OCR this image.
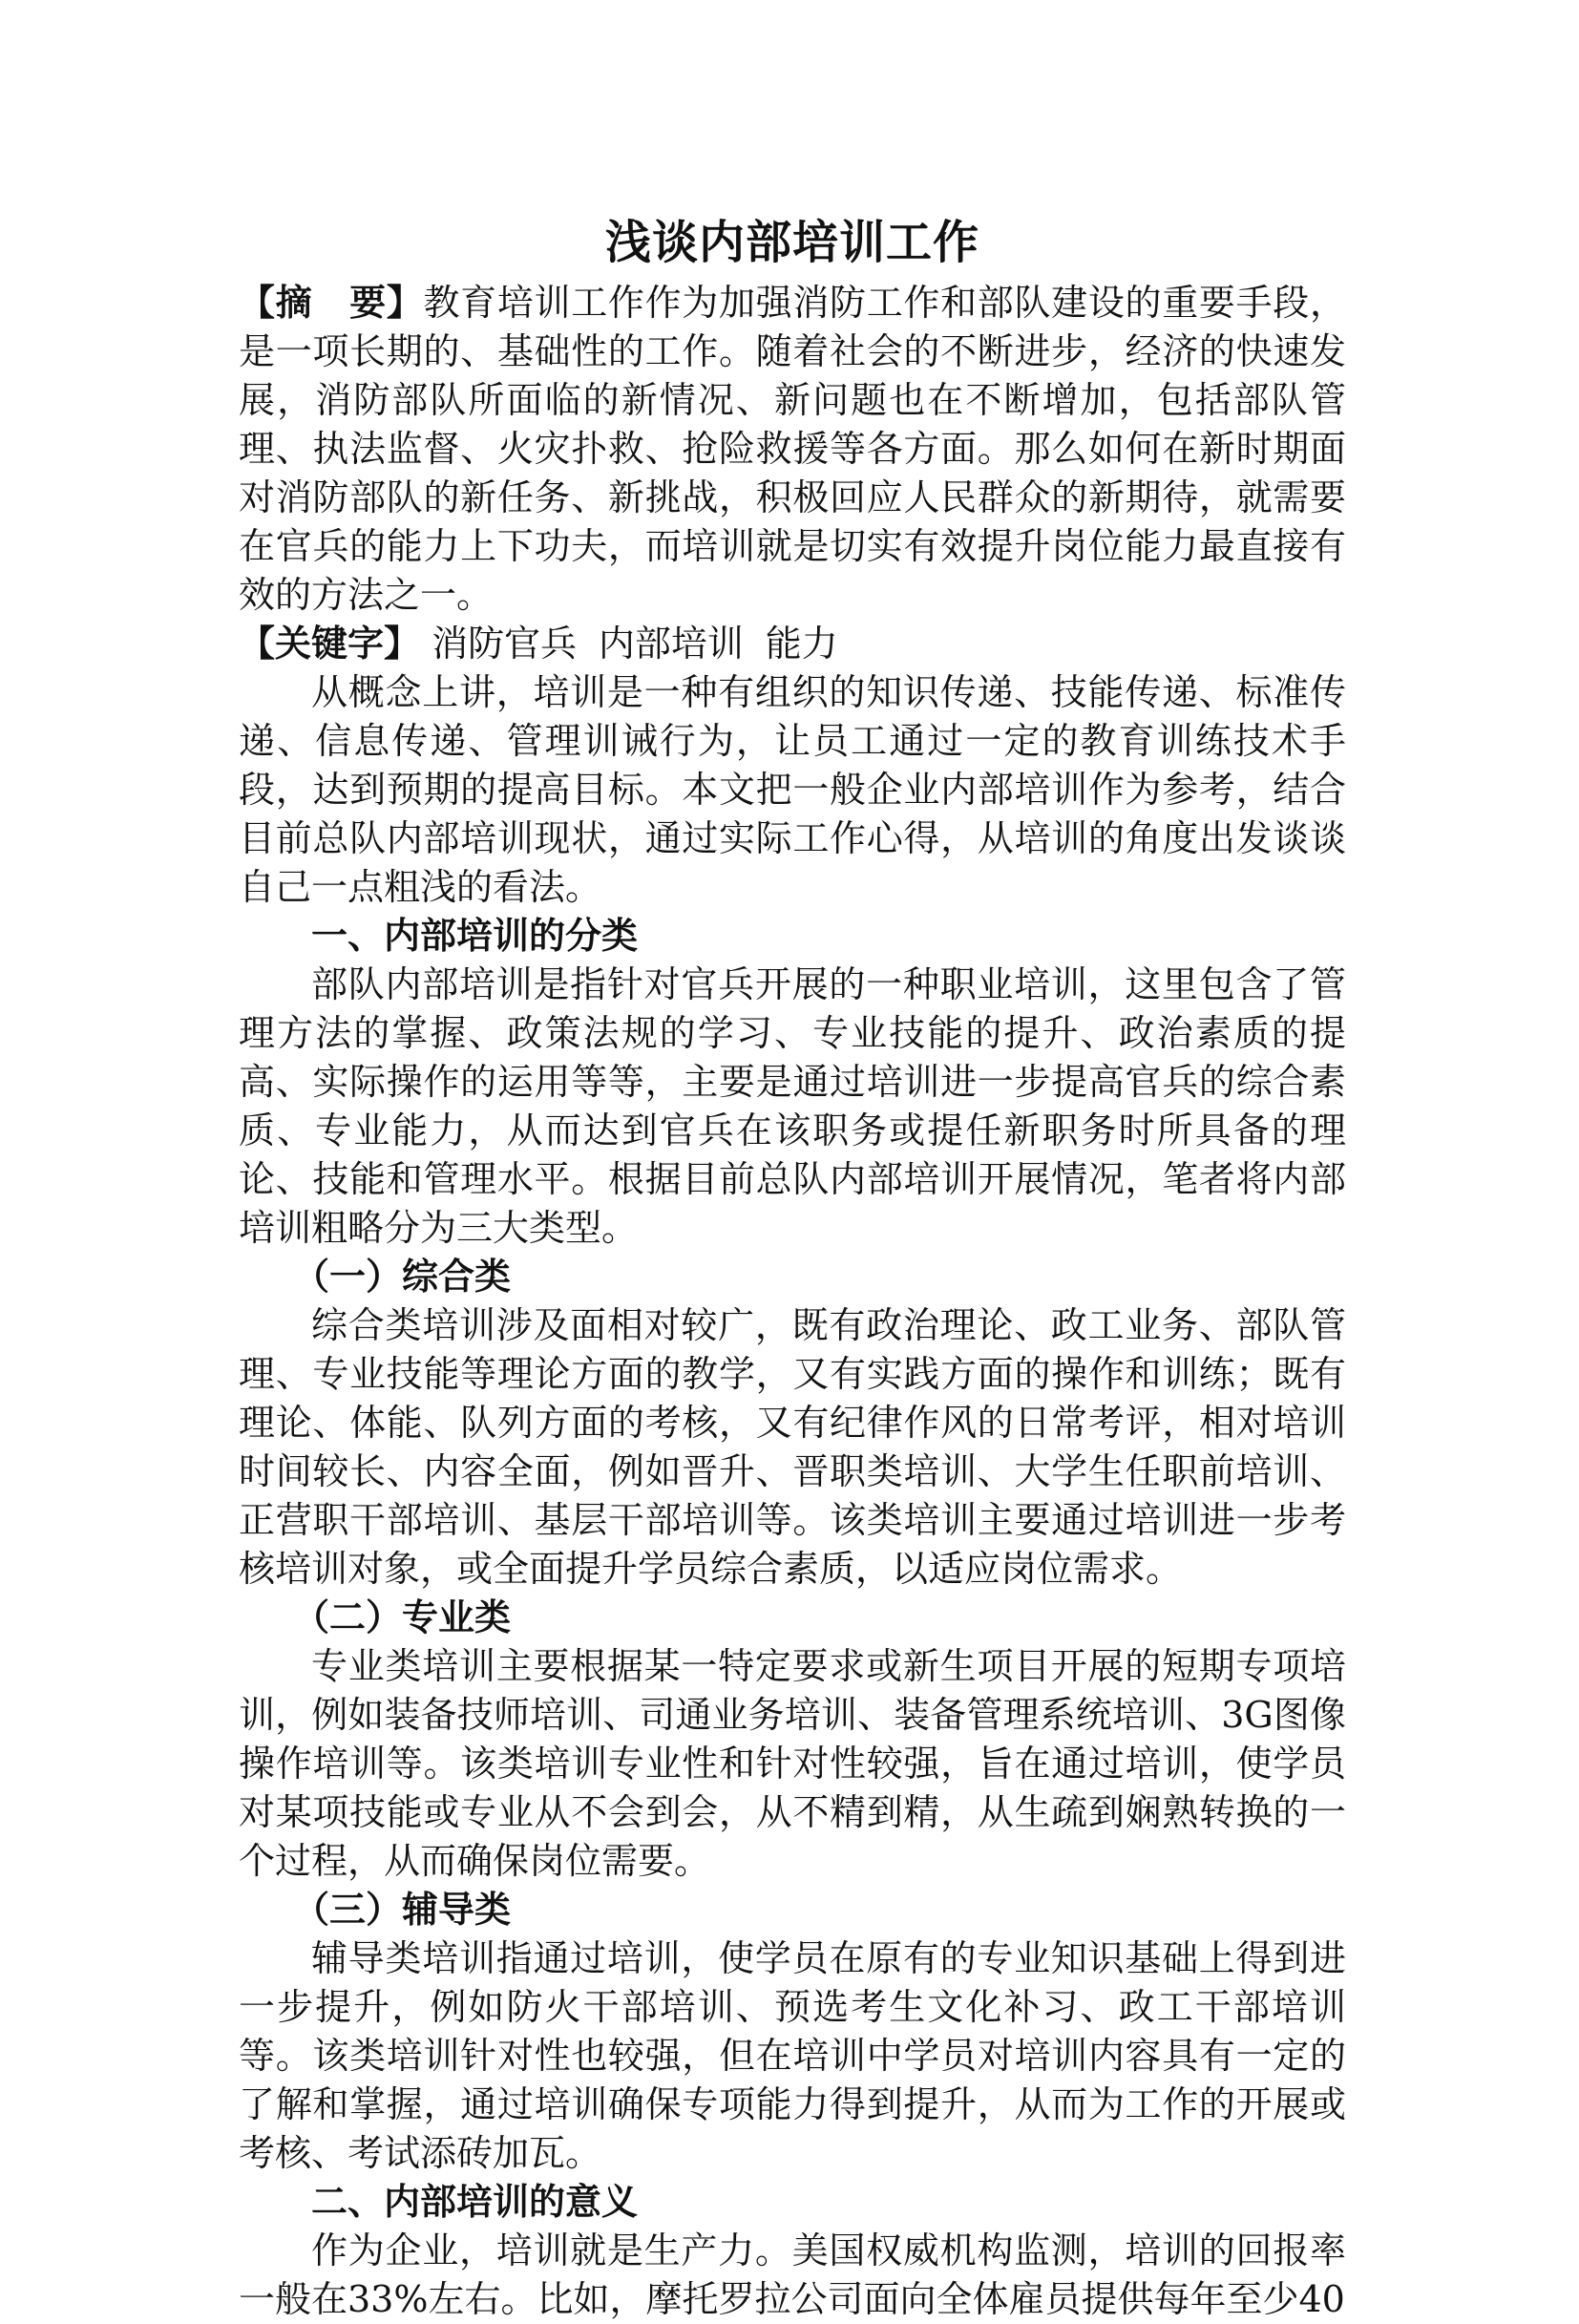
浅谈内部培训工作

【摘　要】教育培训工作作为加强消防工作和部队建设的重要手段，是一项长期的、基础性的工作。随着社会的不断进步，经济的快速发展，消防部队所面临的新情况、新问题也在不断增加，包括部队管理、执法监督、火灾扑救、抢险救援等各方面。那么如何在新时期面对消防部队的新任务、新挑战，积极回应人民群众的新期待，就需要在官兵的能力上下功夫，而培训就是切实有效提升岗位能力最直接有效的方法之一。

【关键字】 消防官兵 内部培训 能力

从概念上讲，培训是一种有组织的知识传递、技能传递、标准传递、信息传递、管理训诫行为，让员工通过一定的教育训练技术手段，达到预期的提高目标。本文把一般企业内部培训作为参考，结合目前总队内部培训现状，通过实际工作心得，从培训的角度出发谈谈自己一点粗浅的看法。

一、内部培训的分类

部队内部培训是指针对官兵开展的一种职业培训，这里包含了管理方法的掌握、政策法规的学习、专业技能的提升、政治素质的提高、实际操作的运用等等，主要是通过培训进一步提高官兵的综合素质、专业能力，从而达到官兵在该职务或提任新职务时所具备的理论、技能和管理水平。根据目前总队内部培训开展情况，笔者将内部培训粗略分为三大类型。

（一）综合类

综合类培训涉及面相对较广，既有政治理论、政工业务、部队管理、专业技能等理论方面的教学，又有实践方面的操作和训练；既有理论、体能、队列方面的考核，又有纪律作风的日常考评，相对培训时间较长、内容全面，例如晋升、晋职类培训、大学生任职前培训、正营职干部培训、基层干部培训等。该类培训主要通过培训进一步考核培训对象，或全面提升学员综合素质，以适应岗位需求。

（二）专业类

专业类培训主要根据某一特定要求或新生项目开展的短期专项培训，例如装备技师培训、司通业务培训、装备管理系统培训、3G图像操作培训等。该类培训专业性和针对性较强，旨在通过培训，使学员对某项技能或专业从不会到会，从不精到精，从生疏到娴熟转换的一个过程，从而确保岗位需要。

（三）辅导类

辅导类培训指通过培训，使学员在原有的专业知识基础上得到进一步提升，例如防火干部培训、预选考生文化补习、政工干部培训等。该类培训针对性也较强，但在培训中学员对培训内容具有一定的了解和掌握，通过培训确保专项能力得到提升，从而为工作的开展或考核、考试添砖加瓦。

二、内部培训的意义

作为企业，培训就是生产力。美国权威机构监测，培训的回报率一般在33%左右。比如，摩托罗拉公司面向全体雇员提供每年至少40
